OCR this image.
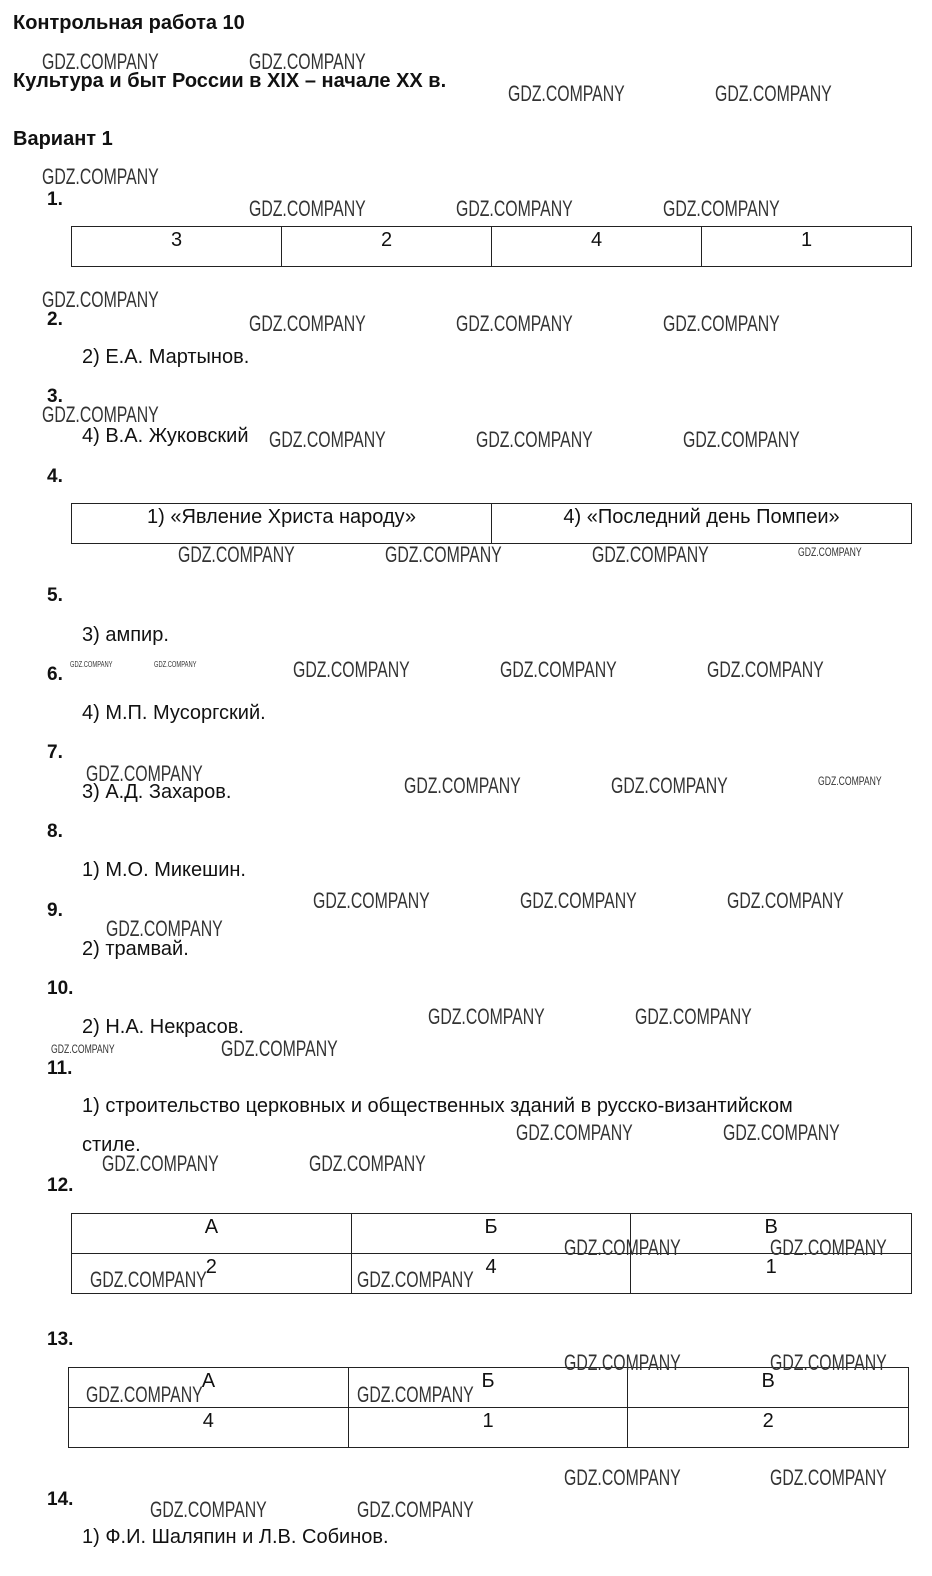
Контрольная работа 10
Культура и быт России в XIX – начале XX в.
Вариант 1
1.
3	2	4	1
2.
2) Е.А. Мартынов.
3.
4) В.А. Жуковский
4.
1) «Явление Христа народу»	4) «Последний день Помпеи»
5.
3) ампир.
6.
4) М.П. Мусоргский.
7.
3) А.Д. Захаров.
8.
1) М.О. Микешин.
9.
2) трамвай.
10.
2) Н.А. Некрасов.
11.
1) строительство церковных и общественных зданий в русско-византийском
стиле.
12.
А	Б	В
2	4	1
13.
А	Б	В
4	1	2
14.
1) Ф.И. Шаляпин и Л.В. Собинов.
GDZ.COMPANY	GDZ.COMPANY
GDZ.COMPANY	GDZ.COMPANY
GDZ.COMPANY
GDZ.COMPANY	GDZ.COMPANY	GDZ.COMPANY
GDZ.COMPANY
GDZ.COMPANY	GDZ.COMPANY	GDZ.COMPANY
GDZ.COMPANY
GDZ.COMPANY	GDZ.COMPANY	GDZ.COMPANY
GDZ.COMPANY	GDZ.COMPANY	GDZ.COMPANY	GDZ.COMPANY
GDZ.COMPANY	GDZ.COMPANY	GDZ.COMPANY	GDZ.COMPANY	GDZ.COMPANY
GDZ.COMPANY	GDZ.COMPANY	GDZ.COMPANY	GDZ.COMPANY
GDZ.COMPANY	GDZ.COMPANY	GDZ.COMPANY
GDZ.COMPANY
GDZ.COMPANY	GDZ.COMPANY
GDZ.COMPANY	GDZ.COMPANY
GDZ.COMPANY	GDZ.COMPANY
GDZ.COMPANY	GDZ.COMPANY
GDZ.COMPANY	GDZ.COMPANY
GDZ.COMPANY	GDZ.COMPANY
GDZ.COMPANY	GDZ.COMPANY
GDZ.COMPANY	GDZ.COMPANY
GDZ.COMPANY	GDZ.COMPANY
GDZ.COMPANY	GDZ.COMPANY
